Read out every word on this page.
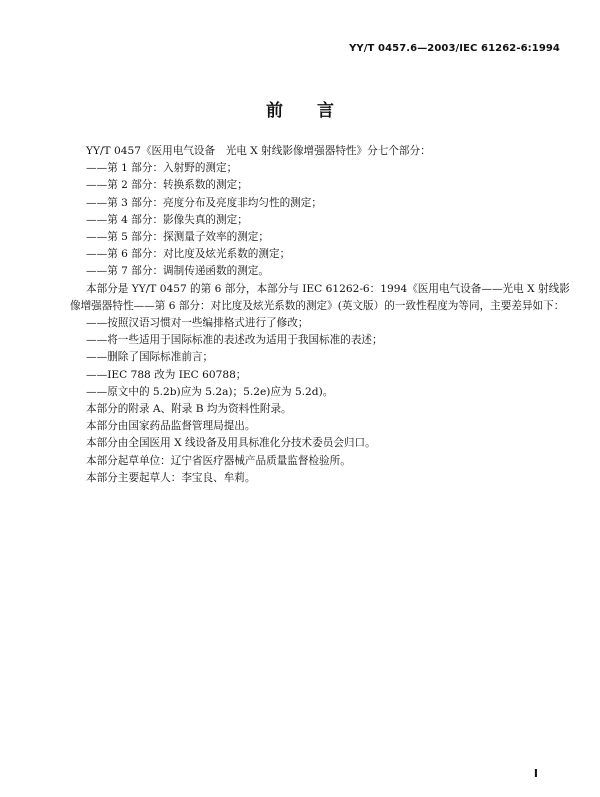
YY/T 0457.6—2003/IEC 61262-6:1994
前 言
YY/T 0457《医用电气设备　光电 X 射线影像增强器特性》分七个部分：
——第 1 部分：入射野的测定；
——第 2 部分：转换系数的测定；
——第 3 部分：亮度分布及亮度非均匀性的测定；
——第 4 部分：影像失真的测定；
——第 5 部分：探测量子效率的测定；
——第 6 部分：对比度及炫光系数的测定；
——第 7 部分：调制传递函数的测定。
本部分是 YY/T 0457 的第 6 部分，本部分与 IEC 61262-6：1994《医用电气设备——光电 X 射线影
像增强器特性——第 6 部分：对比度及炫光系数的测定》(英文版）的一致性程度为等同，主要差异如下：
——按照汉语习惯对一些编排格式进行了修改；
——将一些适用于国际标准的表述改为适用于我国标准的表述；
——删除了国际标准前言；
——IEC 788 改为 IEC 60788；
——原文中的 5.2b)应为 5.2a)；5.2e)应为 5.2d)。
本部分的附录 A、附录 B 均为资料性附录。
本部分由国家药品监督管理局提出。
本部分由全国医用 X 线设备及用具标准化分技术委员会归口。
本部分起草单位：辽宁省医疗器械产品质量监督检验所。
本部分主要起草人：李宝良、牟莉。
I
